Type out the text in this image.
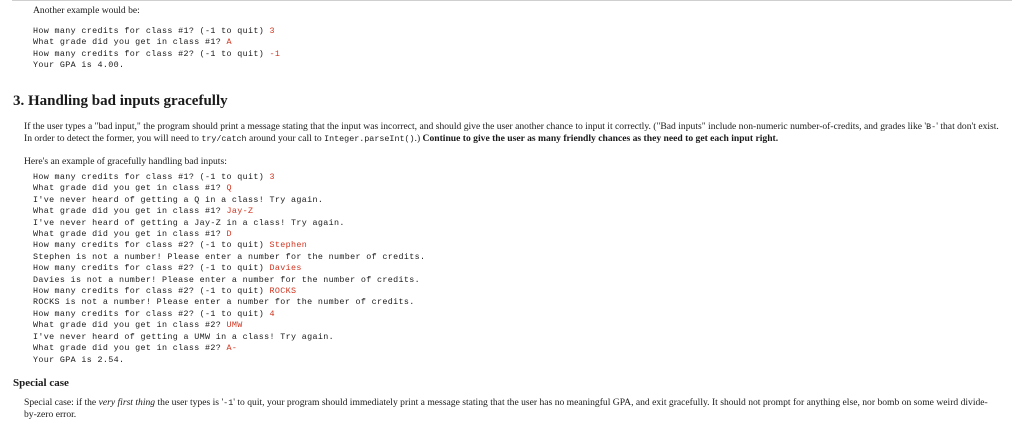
Another example would be:

How many credits for class #1? (-1 to quit) 3
What grade did you get in class #1? A
How many credits for class #2? (-1 to quit) -1
Your GPA is 4.00.
3. Handling bad inputs gracefully

If the user types a "bad input," the program should print a message stating that the input was incorrect, and should give the user another chance to input it correctly. ("Bad inputs" include non-numeric number-of-credits, and grades like 'B-' that don't exist. In order to detect the former, you will need to try/catch around your call to Integer.parseInt().) Continue to give the user as many friendly chances as they need to get each input right.

Here's an example of gracefully handling bad inputs:

How many credits for class #1? (-1 to quit) 3
What grade did you get in class #1? Q
I've never heard of getting a Q in a class! Try again.
What grade did you get in class #1? Jay-Z
I've never heard of getting a Jay-Z in a class! Try again.
What grade did you get in class #1? D
How many credits for class #2? (-1 to quit) Stephen
Stephen is not a number! Please enter a number for the number of credits.
How many credits for class #2? (-1 to quit) Davies
Davies is not a number! Please enter a number for the number of credits.
How many credits for class #2? (-1 to quit) ROCKS
ROCKS is not a number! Please enter a number for the number of credits.
How many credits for class #2? (-1 to quit) 4
What grade did you get in class #2? UMW
I've never heard of getting a UMW in a class! Try again.
What grade did you get in class #2? A-
Your GPA is 2.54.
Special case

Special case: if the very first thing the user types is '-1' to quit, your program should immediately print a message stating that the user has no meaningful GPA, and exit gracefully. It should not prompt for anything else, nor bomb on some weird divide-by-zero error.
